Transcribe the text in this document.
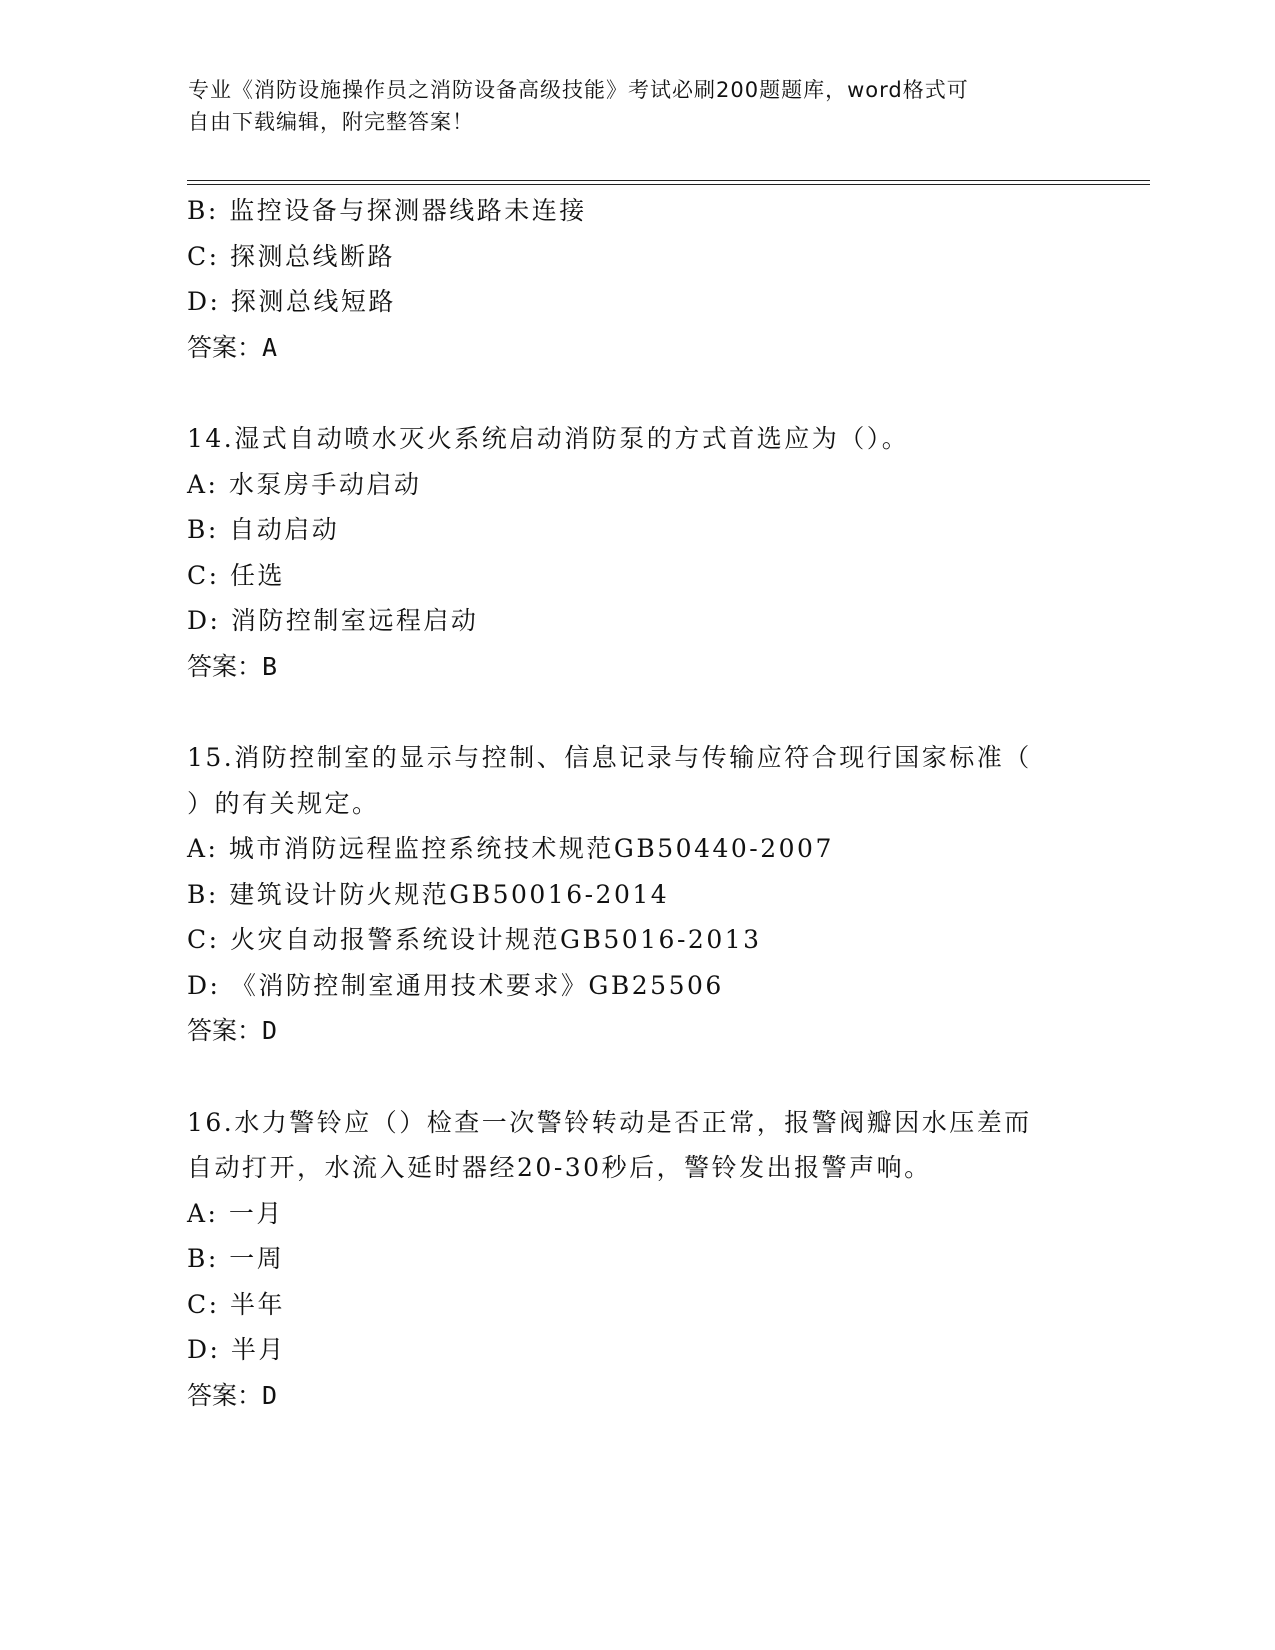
专业《消防设施操作员之消防设备高级技能》考试必刷200题题库，word格式可
自由下载编辑，附完整答案！
B: 监控设备与探测器线路未连接
C: 探测总线断路
D: 探测总线短路
答案：A
14.湿式自动喷水灭火系统启动消防泵的方式首选应为（）。
A: 水泵房手动启动
B: 自动启动
C: 任选
D: 消防控制室远程启动
答案：B
15.消防控制室的显示与控制、信息记录与传输应符合现行国家标准（
）的有关规定。
A: 城市消防远程监控系统技术规范GB50440-2007
B: 建筑设计防火规范GB50016-2014
C: 火灾自动报警系统设计规范GB5016-2013
D: 《消防控制室通用技术要求》GB25506
答案：D
16.水力警铃应（）检查一次警铃转动是否正常，报警阀瓣因水压差而
自动打开，水流入延时器经20-30秒后，警铃发出报警声响。
A: 一月
B: 一周
C: 半年
D: 半月
答案：D
